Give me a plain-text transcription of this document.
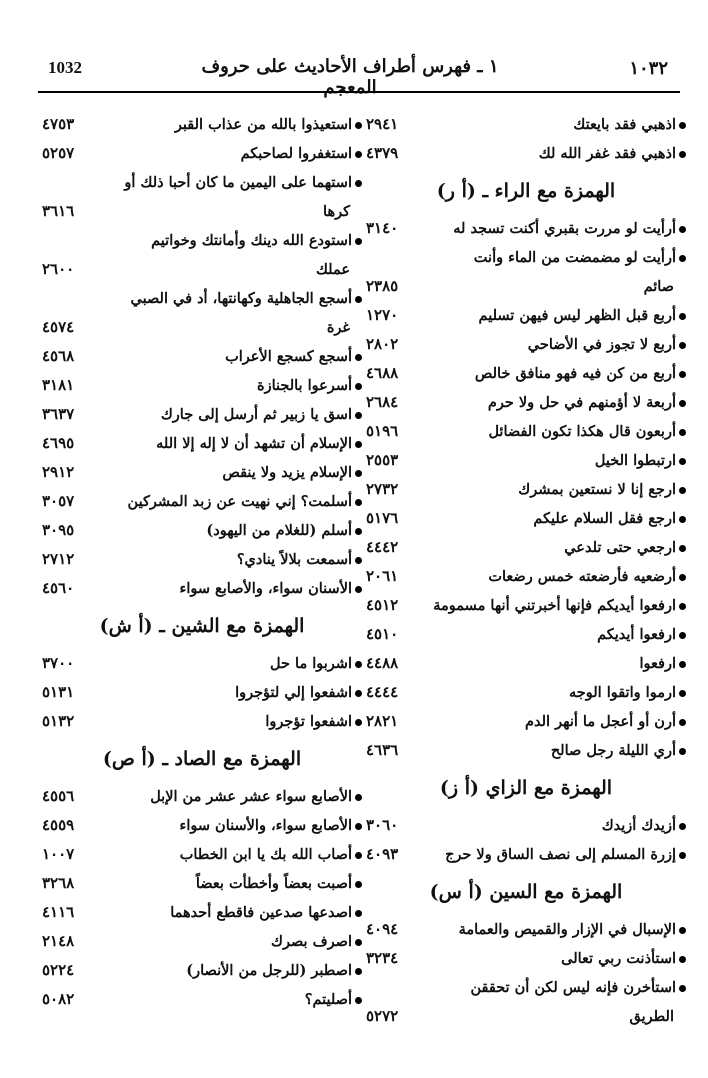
1032	١ ـ فهرس أطراف الأحاديث على حروف المعجم
١٠٣٢
اذهبي فقد بايعتك
٢٩٤١
اذهبي فقد غفر الله لك
٤٣٧٩
الهمزة مع الراء ـ (أ ر)
أرأيت لو مررت بقبري أكنت تسجد له
٣١٤٠
أرأيت لو مضمضت من الماء وأنت
صائم
٢٣٨٥
أربع قبل الظهر ليس فيهن تسليم
١٢٧٠
أربع لا تجوز في الأضاحي
٢٨٠٢
أربع من كن فيه فهو منافق خالص
٤٦٨٨
أربعة لا أؤمنهم في حل ولا حرم
٢٦٨٤
أربعون قال هكذا تكون الفضائل
٥١٩٦
ارتبطوا الخيل
٢٥٥٣
ارجع إنا لا نستعين بمشرك
٢٧٣٢
ارجع فقل السلام عليكم
٥١٧٦
ارجعي حتى تلدعي
٤٤٤٢
أرضعيه فأرضعته خمس رضعات
٢٠٦١
ارفعوا أيديكم فإنها أخبرتني أنها مسمومة
٤٥١٢
ارفعوا أيديكم
٤٥١٠
ارفعوا
٤٤٨٨
ارموا واتقوا الوجه
٤٤٤٤
أرن أو أعجل ما أنهر الدم
٢٨٢١
أري الليلة رجل صالح
٤٦٣٦
الهمزة مع الزاي (أ ز)
أزيدك أزيدك
٣٠٦٠
إزرة المسلم إلى نصف الساق ولا حرج
٤٠٩٣
الهمزة مع السين (أ س)
الإسبال في الإزار والقميص والعمامة
٤٠٩٤
استأذنت ربي تعالى
٣٢٣٤
استأخرن فإنه ليس لكن أن تحققن
الطريق
٥٢٧٢
استعيذوا بالله من عذاب القبر
٤٧٥٣
استغفروا لصاحبكم
٥٢٥٧
استهما على اليمين ما كان أحبا ذلك أو
كرها
٣٦١٦
استودع الله دينك وأمانتك وخواتيم
عملك
٢٦٠٠
أسجع الجاهلية وكهانتها، أد في الصبي
غرة
٤٥٧٤
أسجع كسجع الأعراب
٤٥٦٨
أسرعوا بالجنازة
٣١٨١
اسق يا زبير ثم أرسل إلى جارك
٣٦٣٧
الإسلام أن تشهد أن لا إله إلا الله
٤٦٩٥
الإسلام يزيد ولا ينقص
٢٩١٢
أسلمت؟ إني نهيت عن زبد المشركين
٣٠٥٧
أسلم (للغلام من اليهود)
٣٠٩٥
أسمعت بلالاً ينادي؟
٢٧١٢
الأسنان سواء، والأصابع سواء
٤٥٦٠
الهمزة مع الشين ـ (أ ش)
اشربوا ما حل
٣٧٠٠
اشفعوا إلي لتؤجروا
٥١٣١
اشفعوا تؤجروا
٥١٣٢
الهمزة مع الصاد ـ (أ ص)
الأصابع سواء عشر عشر من الإبل
٤٥٥٦
الأصابع سواء، والأسنان سواء
٤٥٥٩
أصاب الله بك يا ابن الخطاب
١٠٠٧
أصبت بعضاً وأخطأت بعضاً
٣٢٦٨
اصدعها صدعين فاقطع أحدهما
٤١١٦
اصرف بصرك
٢١٤٨
اصطبر (للرجل من الأنصار)
٥٢٢٤
أصليتم؟
٥٠٨٢
